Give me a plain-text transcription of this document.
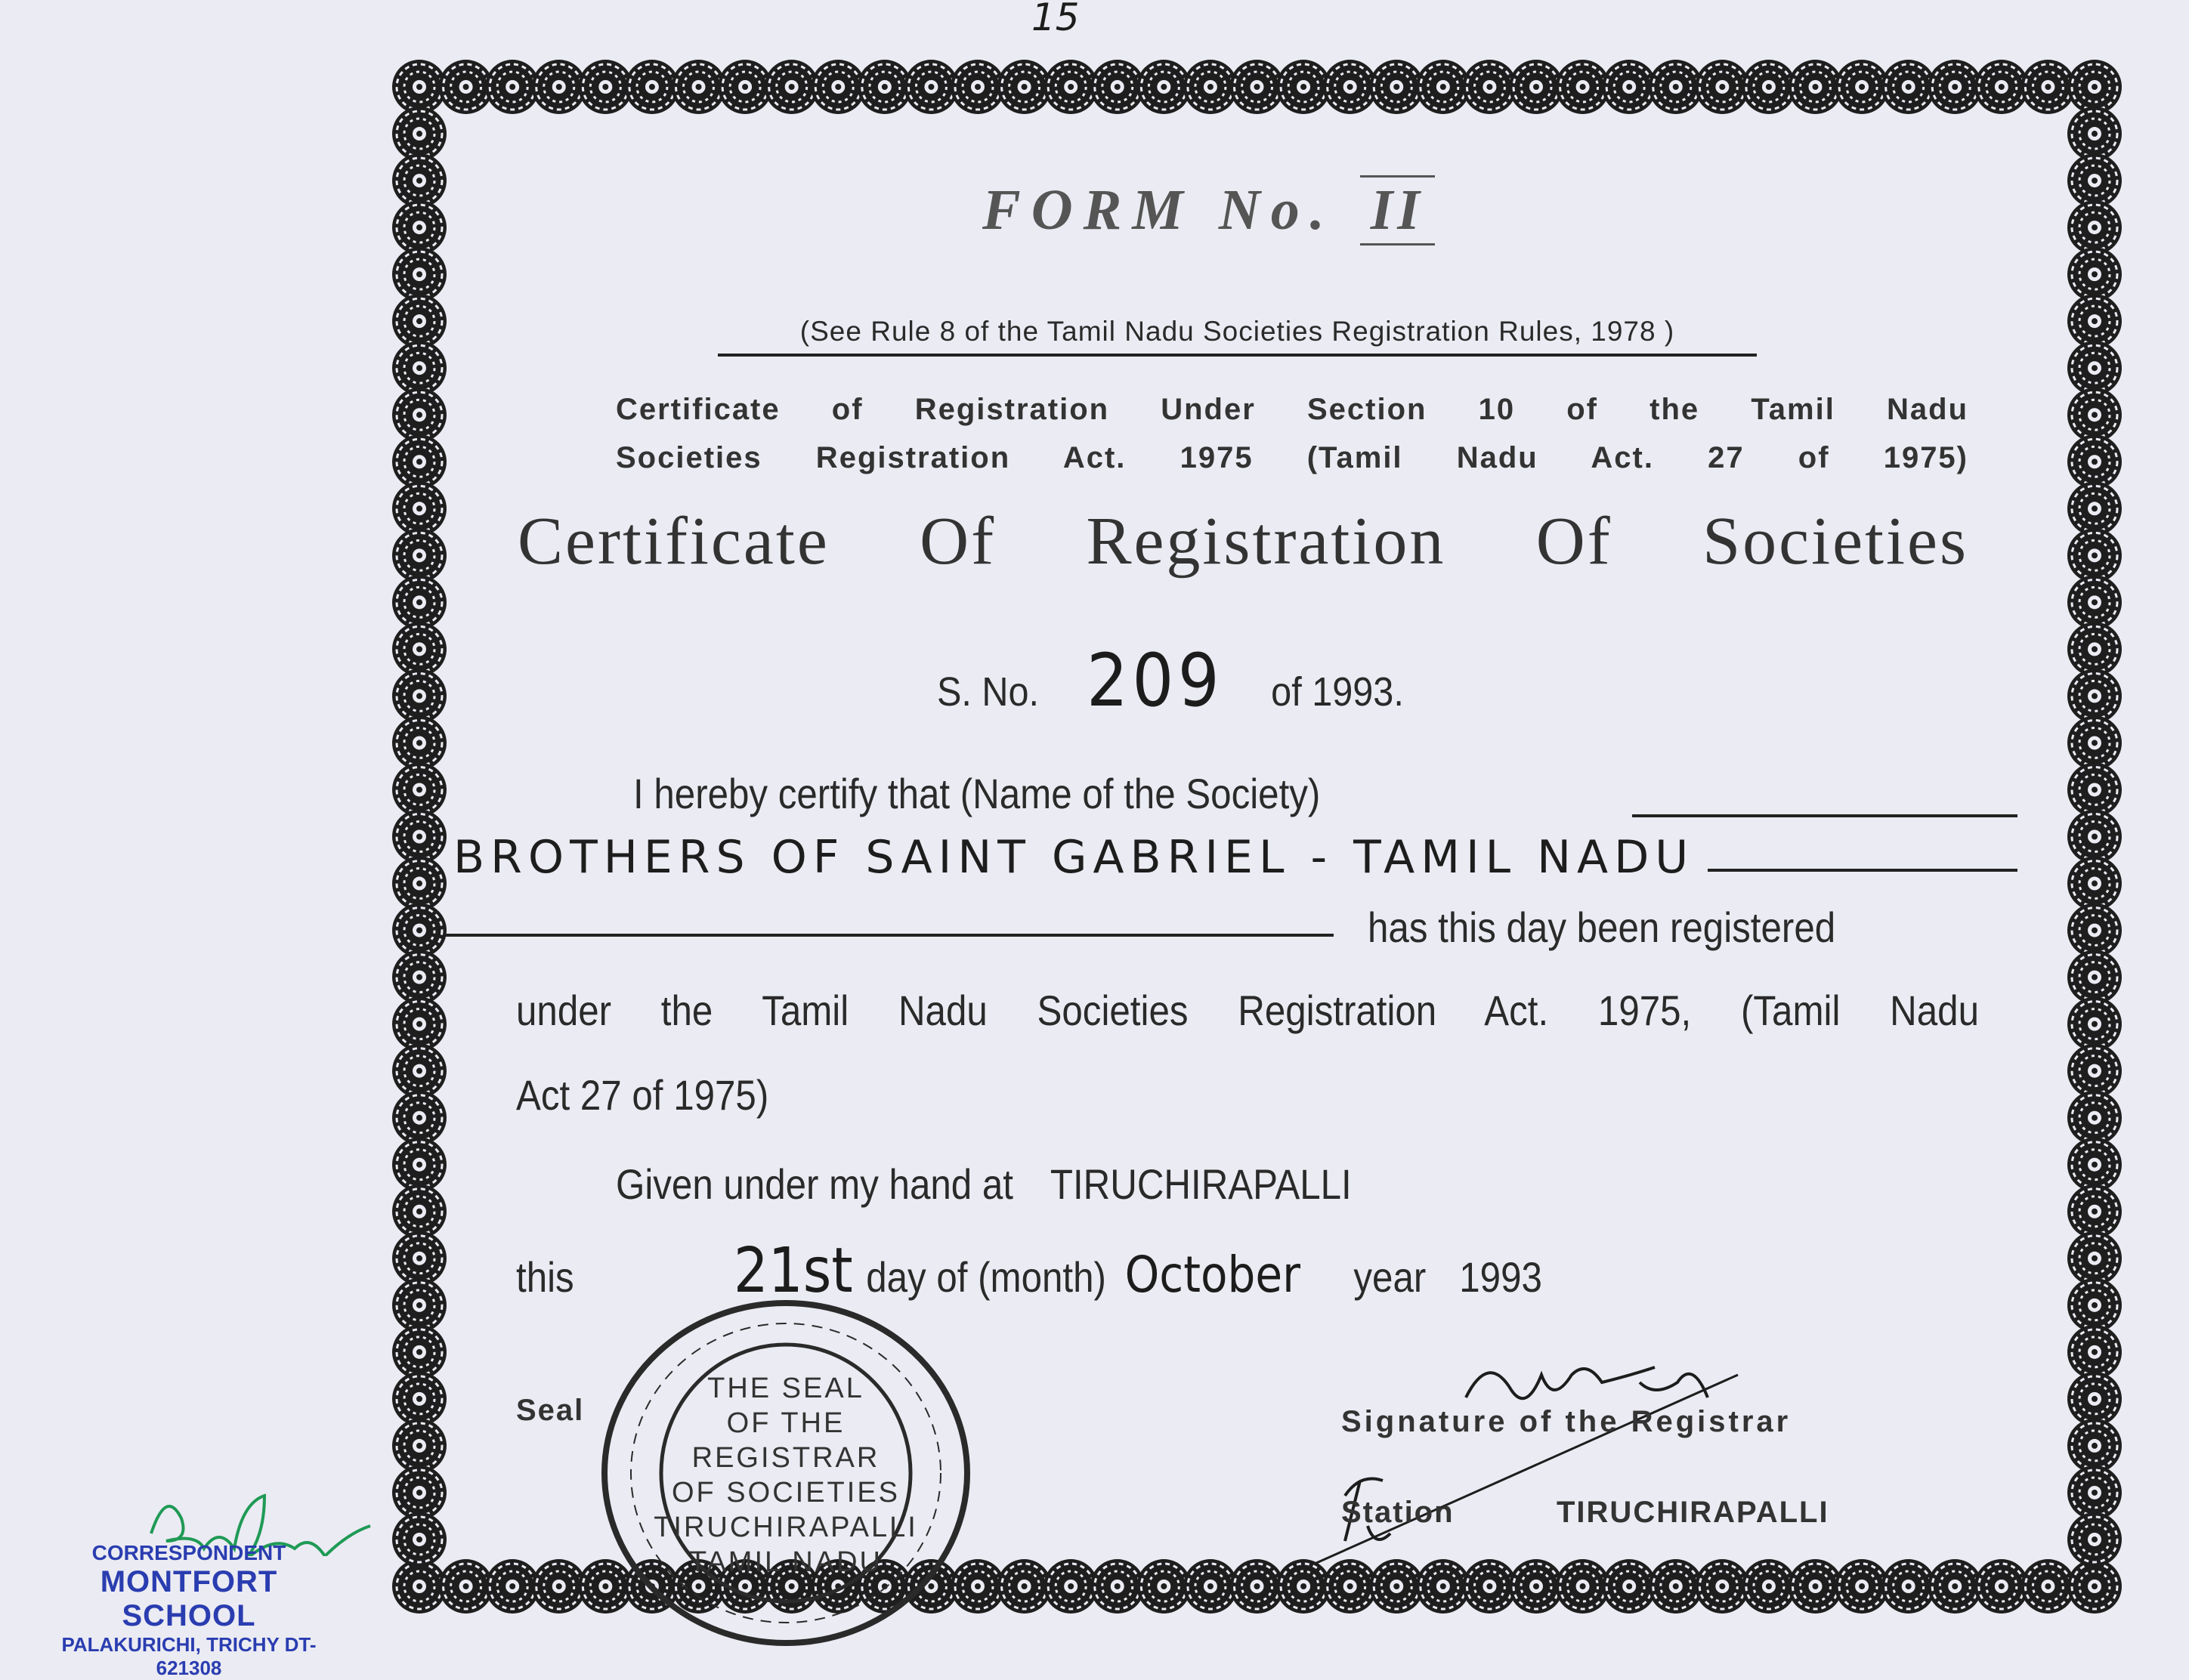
15
FORM No. II
(See Rule 8 of the Tamil Nadu Societies Registration Rules, 1978 )
Certificate of Registration Under Section 10 of the Tamil Nadu
Societies Registration Act. 1975 (Tamil Nadu Act. 27 of 1975)
Certificate Of Registration Of Societies
S. No. 209 of 1993.
I hereby certify that (Name of the Society)
BROTHERS OF SAINT GABRIEL - TAMIL NADU
has this day been registered
under the Tamil Nadu Societies Registration Act. 1975, (Tamil Nadu
Act 27 of 1975)
Given under my hand at TIRUCHIRAPALLI
this	21st day of (month) October year 1993
Seal
THE SEAL
OF THE
REGISTRAR
OF SOCIETIES
TIRUCHIRAPALLI
TAMIL NADU
Signature of the Registrar
Station	TIRUCHIRAPALLI
CORRESPONDENT
MONTFORT SCHOOL
PALAKURICHI, TRICHY DT-621308
